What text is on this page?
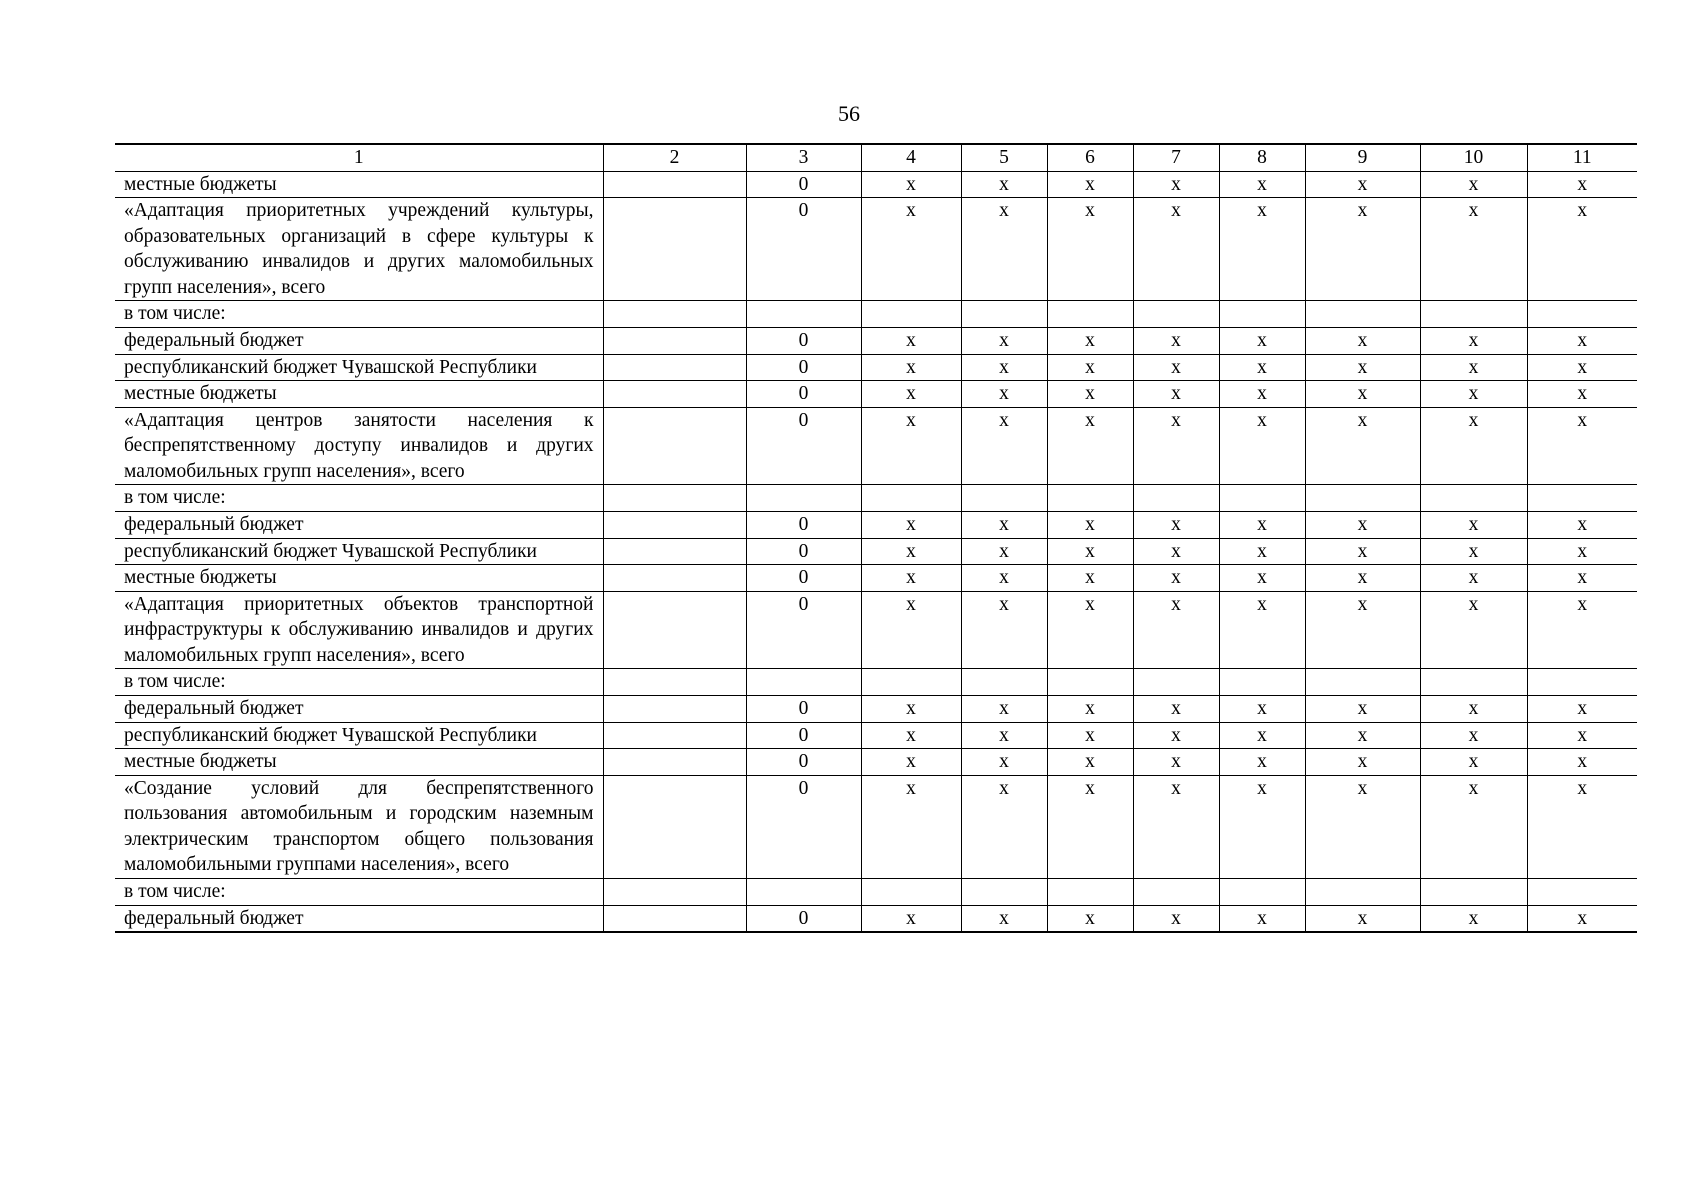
56
1	2	3	4	5	6	7	8	9	10	11
местные бюджеты		0	х	х	х	х	х	х	х	х
«Адаптация приоритетных учреждений культуры, образовательных организаций в сфере культуры к обслуживанию инвалидов и других маломобильных групп населения», всего		0	х	х	х	х	х	х	х	х
в том числе:										
федеральный бюджет		0	х	х	х	х	х	х	х	х
республиканский бюджет Чувашской Республики		0	х	х	х	х	х	х	х	х
местные бюджеты		0	х	х	х	х	х	х	х	х
«Адаптация центров занятости населения к беспрепятственному доступу инвалидов и других маломобильных групп населения», всего		0	х	х	х	х	х	х	х	х
в том числе:										
федеральный бюджет		0	х	х	х	х	х	х	х	х
республиканский бюджет Чувашской Республики		0	х	х	х	х	х	х	х	х
местные бюджеты		0	х	х	х	х	х	х	х	х
«Адаптация приоритетных объектов транспортной инфраструктуры к обслуживанию инвалидов и других маломобильных групп населения», всего		0	х	х	х	х	х	х	х	х
в том числе:										
федеральный бюджет		0	х	х	х	х	х	х	х	х
республиканский бюджет Чувашской Республики		0	х	х	х	х	х	х	х	х
местные бюджеты		0	х	х	х	х	х	х	х	х
«Создание условий для беспрепятственного пользования автомобильным и городским наземным электрическим транспортом общего пользования маломобильными группами населения», всего		0	х	х	х	х	х	х	х	х
в том числе:										
федеральный бюджет		0	х	х	х	х	х	х	х	х
